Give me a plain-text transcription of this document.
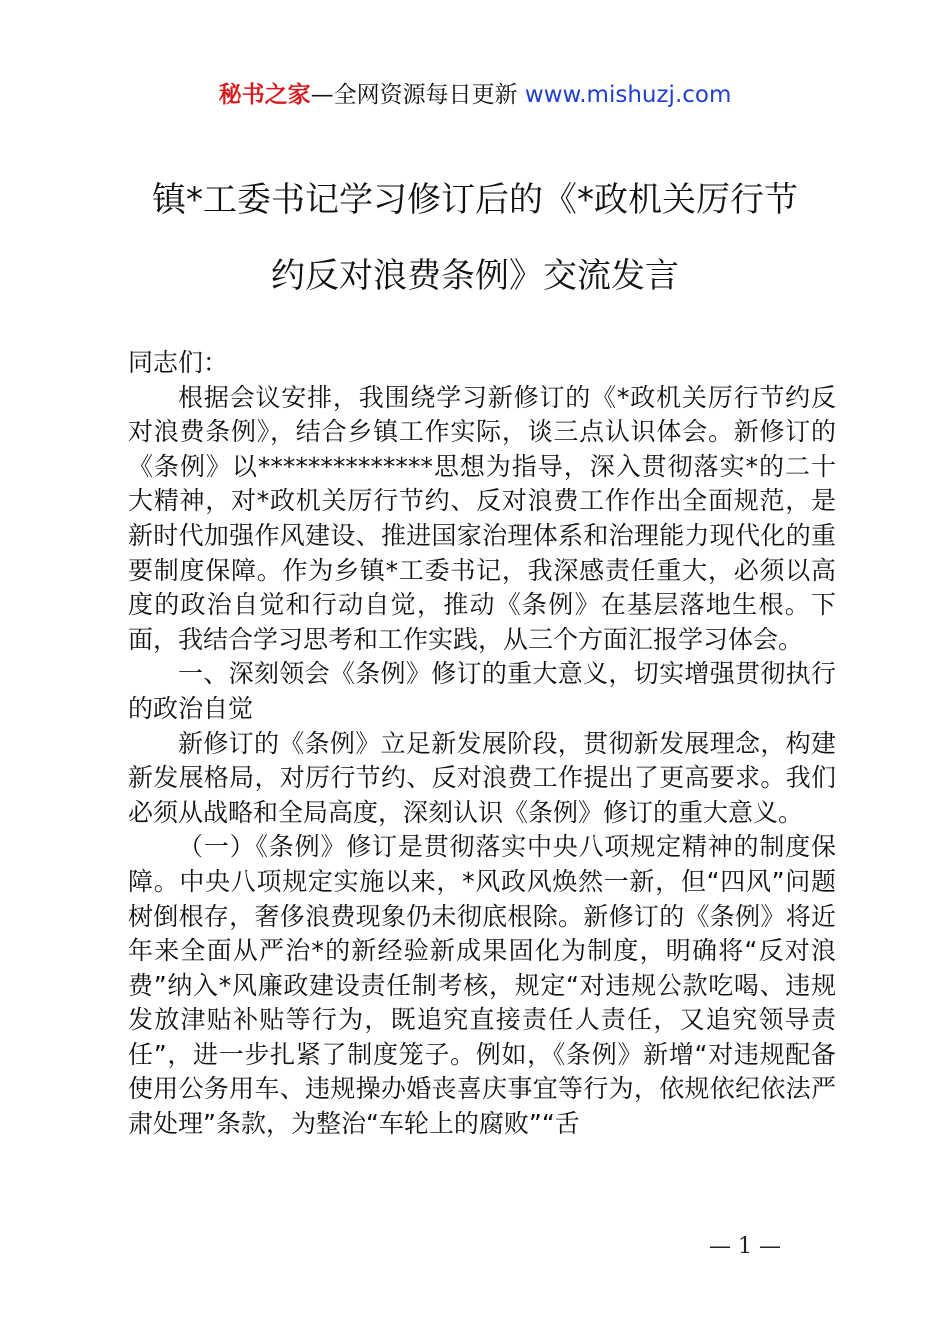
秘书之家—全网资源每日更新 www.mishuzj.com
镇*工委书记学习修订后的《*政机关厉行节
约反对浪费条例》交流发言

同志们：

根据会议安排，我围绕学习新修订的《*政机关厉行节约反对浪费条例》，结合乡镇工作实际，谈三点认识体会。新修订的《条例》以**************思想为指导，深入贯彻落实*的二十大精神，对*政机关厉行节约、反对浪费工作作出全面规范，是新时代加强作风建设、推进国家治理体系和治理能力现代化的重要制度保障。作为乡镇*工委书记，我深感责任重大，必须以高度的政治自觉和行动自觉，推动《条例》在基层落地生根。下面，我结合学习思考和工作实践，从三个方面汇报学习体会。

一、深刻领会《条例》修订的重大意义，切实增强贯彻执行的政治自觉

新修订的《条例》立足新发展阶段，贯彻新发展理念，构建新发展格局，对厉行节约、反对浪费工作提出了更高要求。我们必须从战略和全局高度，深刻认识《条例》修订的重大意义。

（一）《条例》修订是贯彻落实中央八项规定精神的制度保障。中央八项规定实施以来，*风政风焕然一新，但“四风”问题树倒根存，奢侈浪费现象仍未彻底根除。新修订的《条例》将近年来全面从严治*的新经验新成果固化为制度，明确将“反对浪费”纳入*风廉政建设责任制考核，规定“对违规公款吃喝、违规发放津贴补贴等行为，既追究直接责任人责任，又追究领导责任”，进一步扎紧了制度笼子。例如，《条例》新增“对违规配备使用公务用车、违规操办婚丧喜庆事宜等行为，依规依纪依法严肃处理”条款，为整治“车轮上的腐败”“舌

— 1 —
